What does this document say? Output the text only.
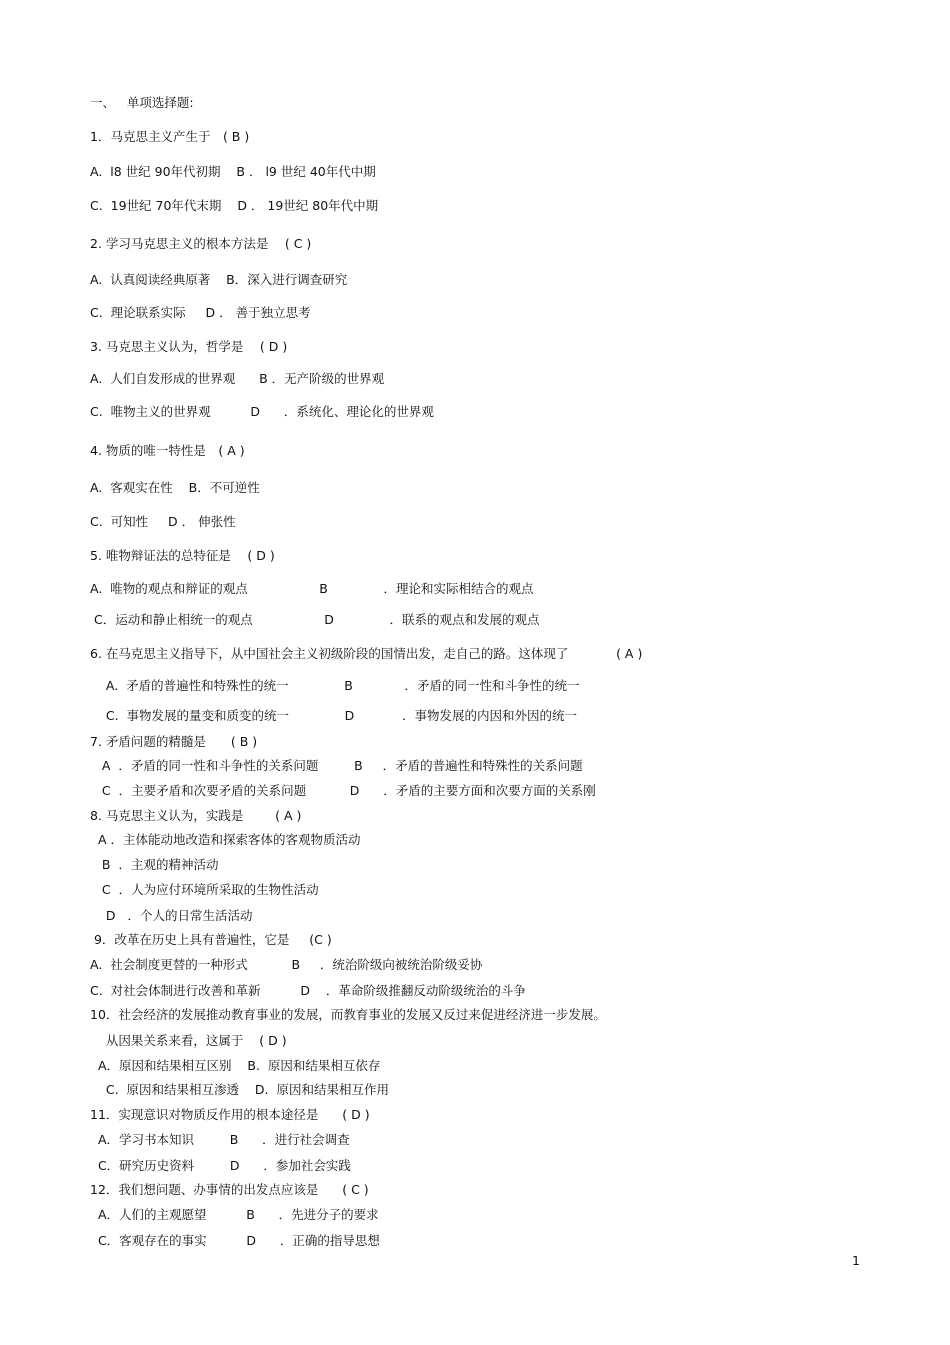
一、   单项选择题:
1．马克思主义产生于　( B )
A.  l8 世纪 90年代初期    B ． l9 世纪 40年代中期
C.  19世纪 70年代末期    D ． 19世纪 80年代中期
2. 学习马克思主义的根本方法是　 ( C )
A.  认真阅读经典原著    B．深入进行调查研究
C.  理论联系实际     D ． 善于独立思考
3. 马克思主义认为，哲学是　 ( D )
A.  人们自发形成的世界观      B ．无产阶级的世界观
C.  唯物主义的世界观          D      ．系统化、理论化的世界观
4. 物质的唯一特性是　( A )
A.  客观实在性    B．不可逆性
C.  可知性     D ． 伸张性
5. 唯物辩证法的总特征是　 ( D )
A.  唯物的观点和辩证的观点                  B              ．理论和实际相结合的观点
C．运动和静止相统一的观点                  D              ．联系的观点和发展的观点
6. 在马克思主义指导下，从中国社会主义初级阶段的国情出发，走自己的路。这体现了            ( A )
A.  矛盾的普遍性和特殊性的统一              B             ．矛盾的同一性和斗争性的统一
C.  事物发展的量变和质变的统一              D            ．事物发展的内因和外因的统一
7. 矛盾问题的精髓是　　( B )
A  ．矛盾的同一性和斗争性的关系问题         B     ．矛盾的普遍性和特殊性的关系问题
C  ．主要矛盾和次要矛盾的关系问题           D      ．矛盾的主要方面和次要方面的关系刚
8. 马克思主义认为，实践是        ( A )
A ．主体能动地改造和探索客体的客观物质活动
B  ．主观的精神活动
C  ．人为应付环境所采取的生物性活动
D   ．个人的日常生活活动
9．改革在历史上具有普遍性，它是     (C )
A.  社会制度更替的一种形式           B     ．统治阶级向被统治阶级妥协
C.  对社会体制进行改善和革新          D    ．革命阶级推翻反动阶级统治的斗争
10．社会经济的发展推动教育事业的发展，而教育事业的发展又反过来促进经济进一步发展。
从因果关系来看，这属于    ( D )
A．原因和结果相互区别    B.  原因和结果相互依存
C.  原因和结果相互渗透    D.  原因和结果相互作用
11．实现意识对物质反作用的根本途径是      ( D )
A．学习书本知识         B      ．进行社会调查
C．研究历史资料         D      ．参加社会实践
12．我们想问题、办事情的出发点应该是      ( C )
A．人们的主观愿望          B      ．先进分子的要求
C．客观存在的事实          D      ．正确的指导思想
1
